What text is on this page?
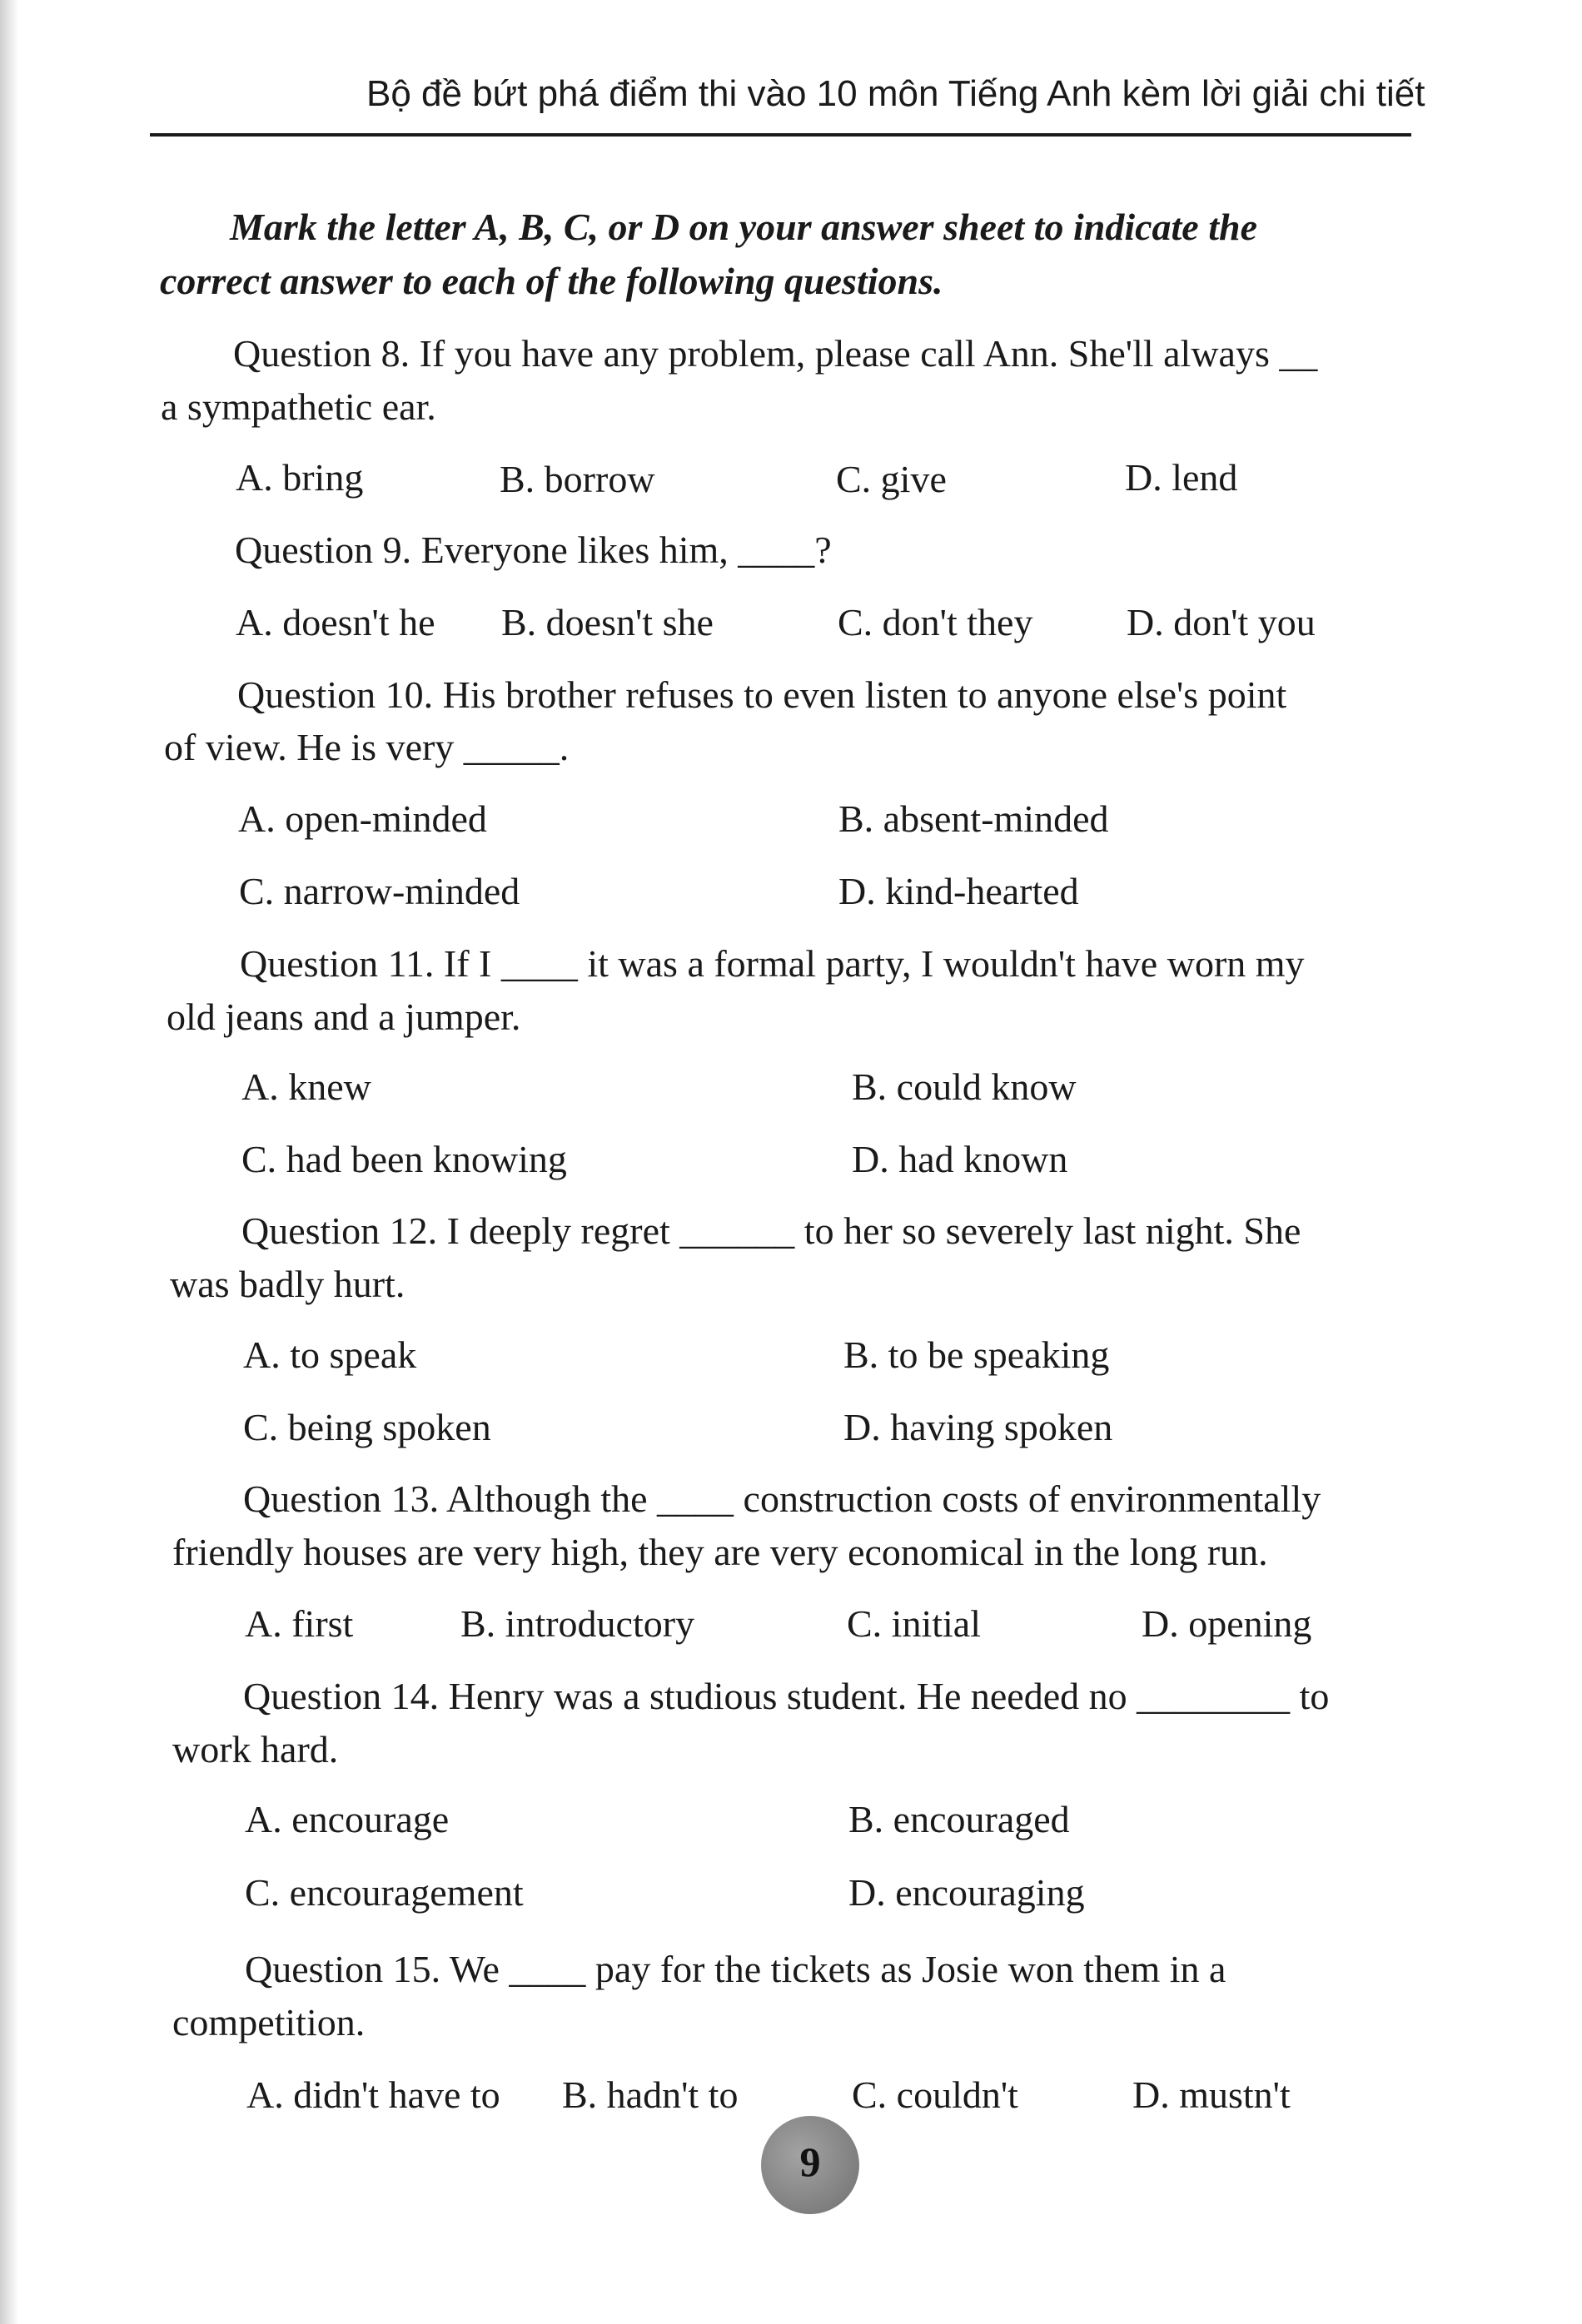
Bộ đề bứt phá điểm thi vào 10 môn Tiếng Anh kèm lời giải chi tiết
Mark the letter A, B, C, or D on your answer sheet to indicate the
correct answer to each of the following questions.
Question 8. If you have any problem, please call Ann. She'll always __
a sympathetic ear.
A. bring	B. borrow	C. give	D. lend
Question 9. Everyone likes him, ____?
A. doesn't he B. doesn't she	C. don't they D. don't you
Question 10. His brother refuses to even listen to anyone else's point
of view. He is very _____.
A. open-minded	B. absent-minded
C. narrow-minded	D. kind-hearted
Question 11. If I ____ it was a formal party, I wouldn't have worn my
old jeans and a jumper.
A. knew	B. could know
C. had been knowing	D. had known
Question 12. I deeply regret ______ to her so severely last night. She
was badly hurt.
A. to speak	B. to be speaking
C. being spoken	D. having spoken
Question 13. Although the ____ construction costs of environmentally
friendly houses are very high, they are very economical in the long run.
A. first	B. introductory	C. initial	D. opening
Question 14. Henry was a studious student. He needed no ________ to
work hard.
A. encourage	B. encouraged
C. encouragement	D. encouraging
Question 15. We ____ pay for the tickets as Josie won them in a
competition.
A. didn't have to B. hadn't to	C. couldn't	D. mustn't
9
